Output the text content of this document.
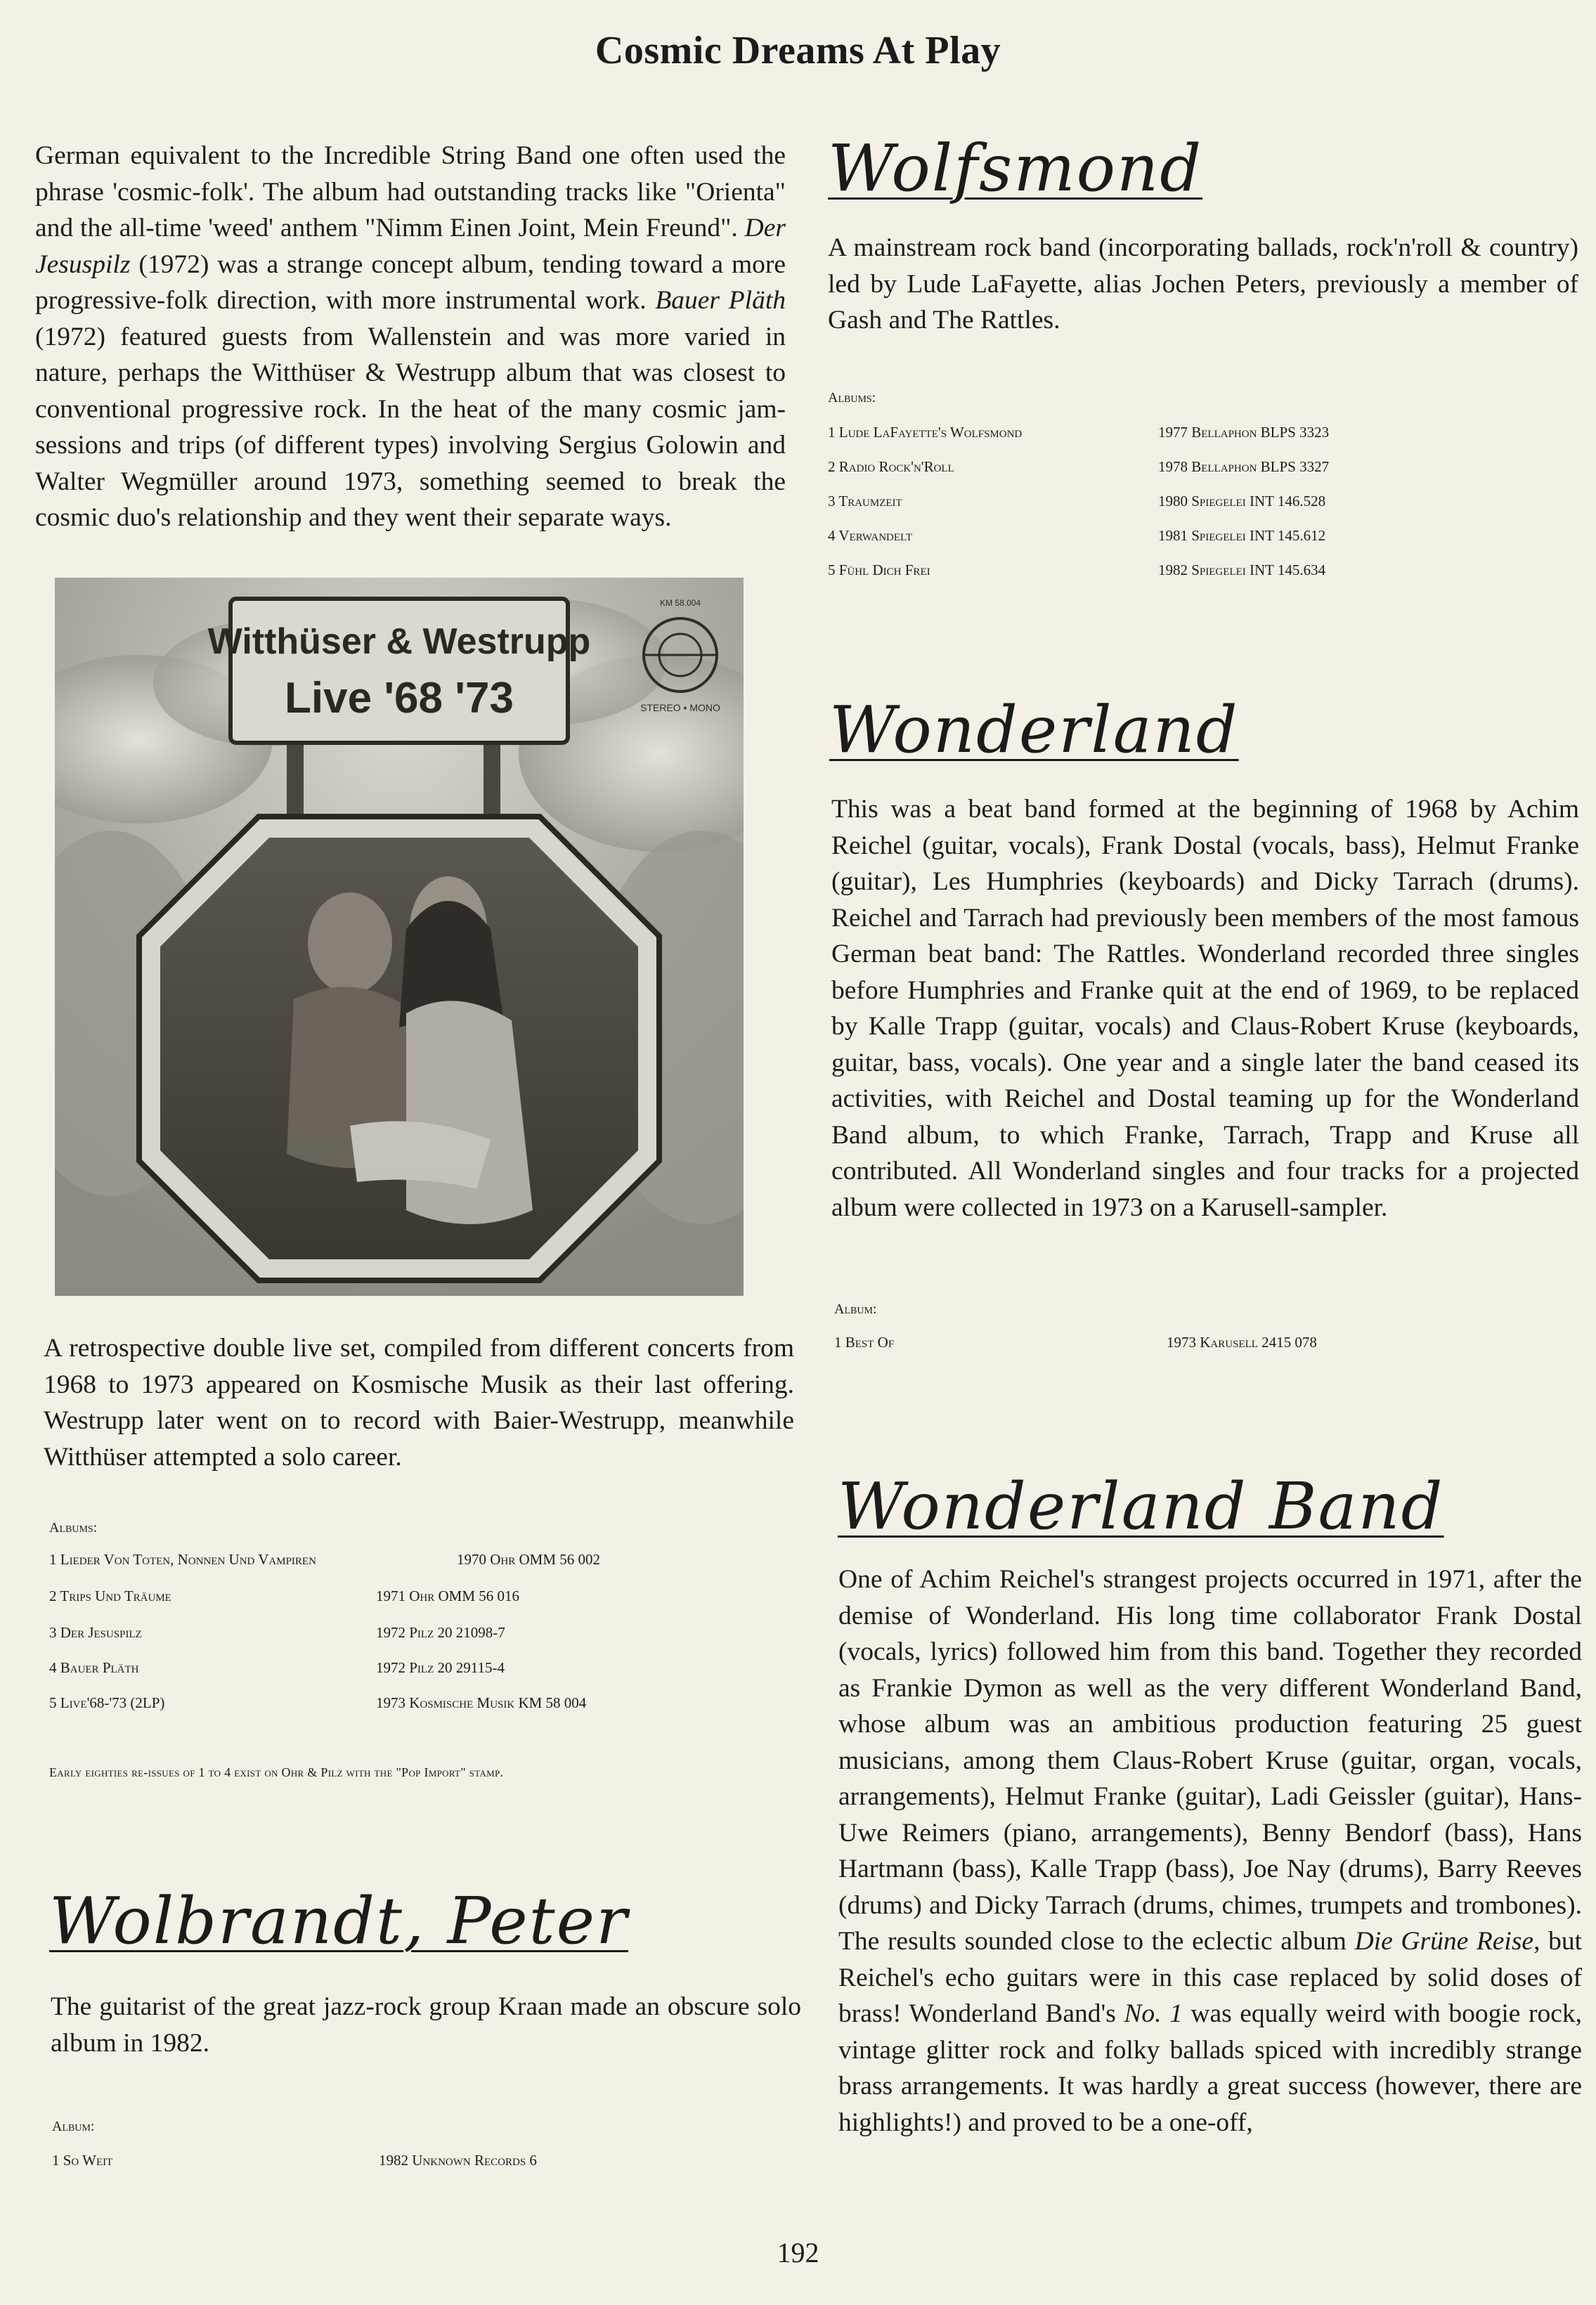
Cosmic Dreams At Play

German equivalent to the Incredible String Band one often used the phrase 'cosmic-folk'. The album had outstanding tracks like "Orienta" and the all-time 'weed' anthem "Nimm Einen Joint, Mein Freund". Der Jesuspilz (1972) was a strange concept album, tending toward a more progressive-folk direction, with more instrumental work. Bauer Pläth (1972) featured guests from Wallenstein and was more varied in nature, perhaps the Witthüser & Westrupp album that was closest to conventional progressive rock. In the heat of the many cosmic jam-sessions and trips (of different types) involving Sergius Golowin and Walter Wegmüller around 1973, something seemed to break the cosmic duo's relationship and they went their separate ways.

Witthüser & Westrupp
Live '68 '73	STEREO • MONO
KM 58.004

A retrospective double live set, compiled from different concerts from 1968 to 1973 appeared on Kosmische Musik as their last offering. Westrupp later went on to record with Baier-Westrupp, meanwhile Witthüser attempted a solo career.

Albums:
1 Lieder Von Toten, Nonnen Und Vampiren	1970 Ohr OMM 56 002
2 Trips Und Träume	1971 Ohr OMM 56 016
3 Der Jesuspilz	1972 Pilz 20 21098-7
4 Bauer Pläth	1972 Pilz 20 29115-4
5 Live'68-'73 (2LP)	1973 Kosmische Musik KM 58 004
Early eighties re-issues of 1 to 4 exist on Ohr & Pilz with the "Pop Import" stamp.
Wolbrandt, Peter

The guitarist of the great jazz-rock group Kraan made an obscure solo album in 1982.

Album:
1 So Weit	1982 Unknown Records 6
Wolfsmond

A mainstream rock band (incorporating ballads, rock'n'roll & country) led by Lude LaFayette, alias Jochen Peters, previously a member of Gash and The Rattles.

Albums:
1 Lude LaFayette's Wolfsmond	1977 Bellaphon BLPS 3323
2 Radio Rock'n'Roll	1978 Bellaphon BLPS 3327
3 Traumzeit	1980 Spiegelei INT 146.528
4 Verwandelt	1981 Spiegelei INT 145.612
5 Fühl Dich Frei	1982 Spiegelei INT 145.634
Wonderland

This was a beat band formed at the beginning of 1968 by Achim Reichel (guitar, vocals), Frank Dostal (vocals, bass), Helmut Franke (guitar), Les Humphries (keyboards) and Dicky Tarrach (drums). Reichel and Tarrach had previously been members of the most famous German beat band: The Rattles. Wonderland recorded three singles before Humphries and Franke quit at the end of 1969, to be replaced by Kalle Trapp (guitar, vocals) and Claus-Robert Kruse (keyboards, guitar, bass, vocals). One year and a single later the band ceased its activities, with Reichel and Dostal teaming up for the Wonderland Band album, to which Franke, Tarrach, Trapp and Kruse all contributed. All Wonderland singles and four tracks for a projected album were collected in 1973 on a Karusell-sampler.

Album:
1 Best Of	1973 Karusell 2415 078
Wonderland Band

One of Achim Reichel's strangest projects occurred in 1971, after the demise of Wonderland. His long time collaborator Frank Dostal (vocals, lyrics) followed him from this band. Together they recorded as Frankie Dymon as well as the very different Wonderland Band, whose album was an ambitious production featuring 25 guest musicians, among them Claus-Robert Kruse (guitar, organ, vocals, arrangements), Helmut Franke (guitar), Ladi Geissler (guitar), Hans-Uwe Reimers (piano, arrangements), Benny Bendorf (bass), Hans Hartmann (bass), Kalle Trapp (bass), Joe Nay (drums), Barry Reeves (drums) and Dicky Tarrach (drums, chimes, trumpets and trombones). The results sounded close to the eclectic album Die Grüne Reise, but Reichel's echo guitars were in this case replaced by solid doses of brass! Wonderland Band's No. 1 was equally weird with boogie rock, vintage glitter rock and folky ballads spiced with incredibly strange brass arrangements. It was hardly a great success (however, there are highlights!) and proved to be a one-off,

192
